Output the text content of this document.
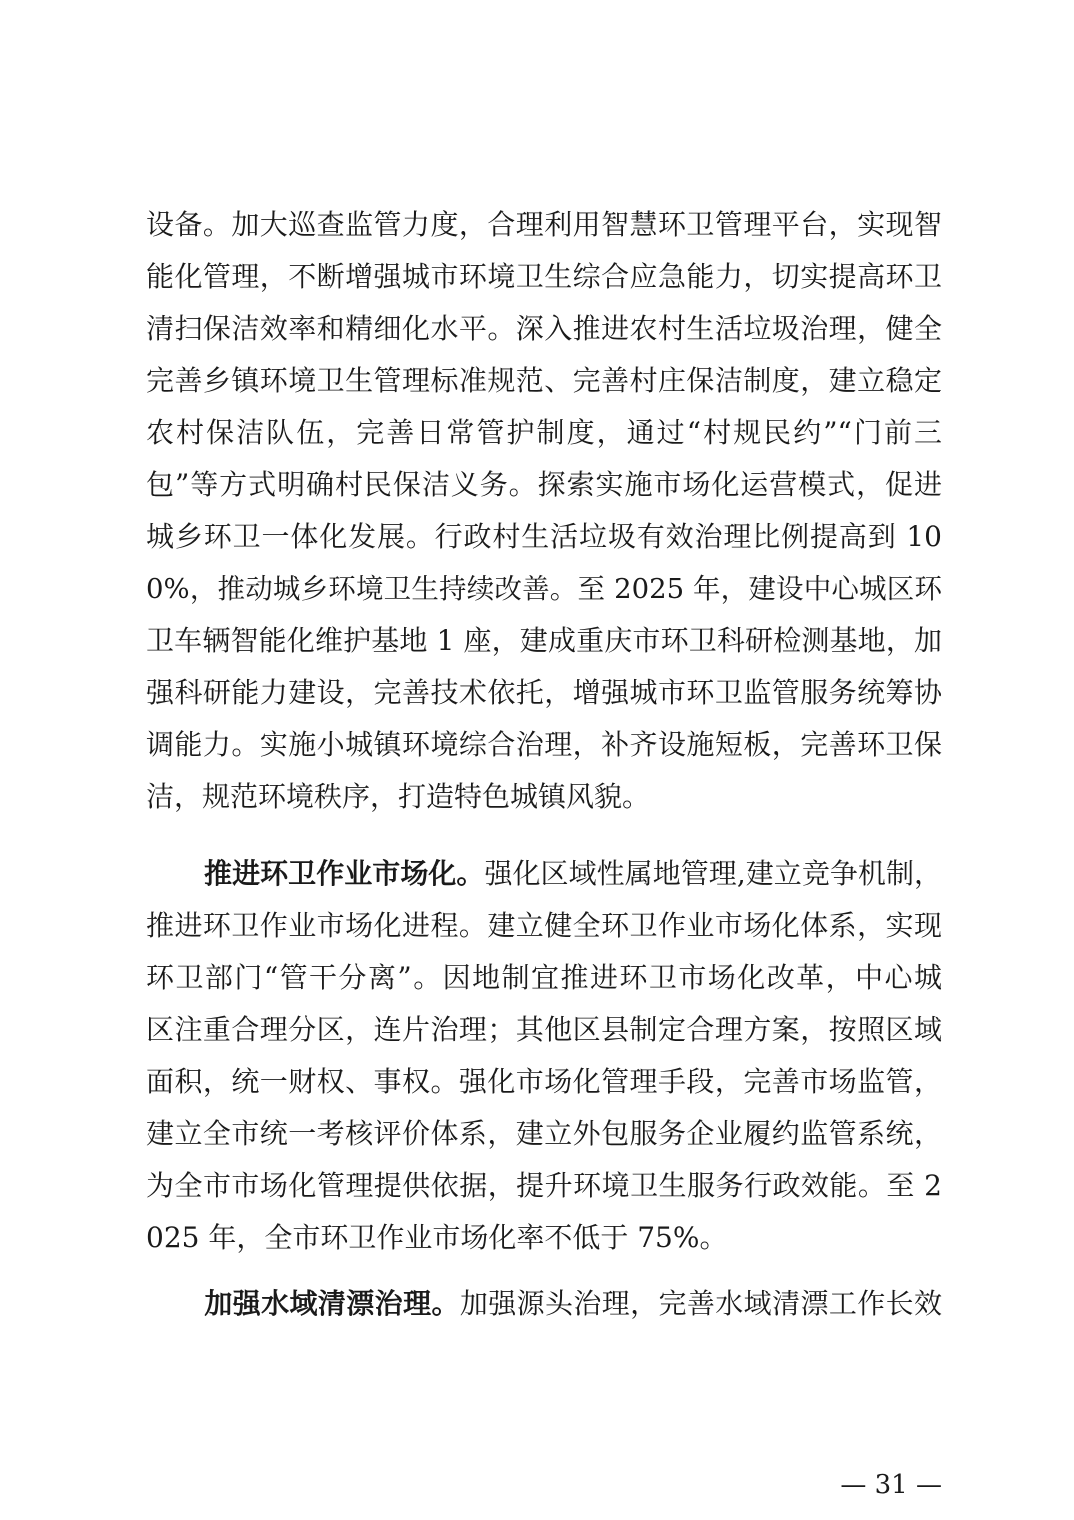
设备。加大巡查监管力度，合理利用智慧环卫管理平台，实现智
能化管理，不断增强城市环境卫生综合应急能力，切实提高环卫
清扫保洁效率和精细化水平。深入推进农村生活垃圾治理，健全
完善乡镇环境卫生管理标准规范、完善村庄保洁制度，建立稳定
农村保洁队伍，完善日常管护制度，通过“村规民约”“门前三
包”等方式明确村民保洁义务。探索实施市场化运营模式，促进
城乡环卫一体化发展。行政村生活垃圾有效治理比例提高到 10
0%，推动城乡环境卫生持续改善。至 2025 年，建设中心城区环
卫车辆智能化维护基地 1 座，建成重庆市环卫科研检测基地，加
强科研能力建设，完善技术依托，增强城市环卫监管服务统筹协
调能力。实施小城镇环境综合治理，补齐设施短板，完善环卫保
洁，规范环境秩序，打造特色城镇风貌。
推进环卫作业市场化。强化区域性属地管理,建立竞争机制，
推进环卫作业市场化进程。建立健全环卫作业市场化体系，实现
环卫部门“管干分离”。因地制宜推进环卫市场化改革，中心城
区注重合理分区，连片治理；其他区县制定合理方案，按照区域
面积，统一财权、事权。强化市场化管理手段，完善市场监管，
建立全市统一考核评价体系，建立外包服务企业履约监管系统，
为全市市场化管理提供依据，提升环境卫生服务行政效能。至 2
025 年，全市环卫作业市场化率不低于 75%。
加强水域清漂治理。加强源头治理，完善水域清漂工作长效
— 31 —
